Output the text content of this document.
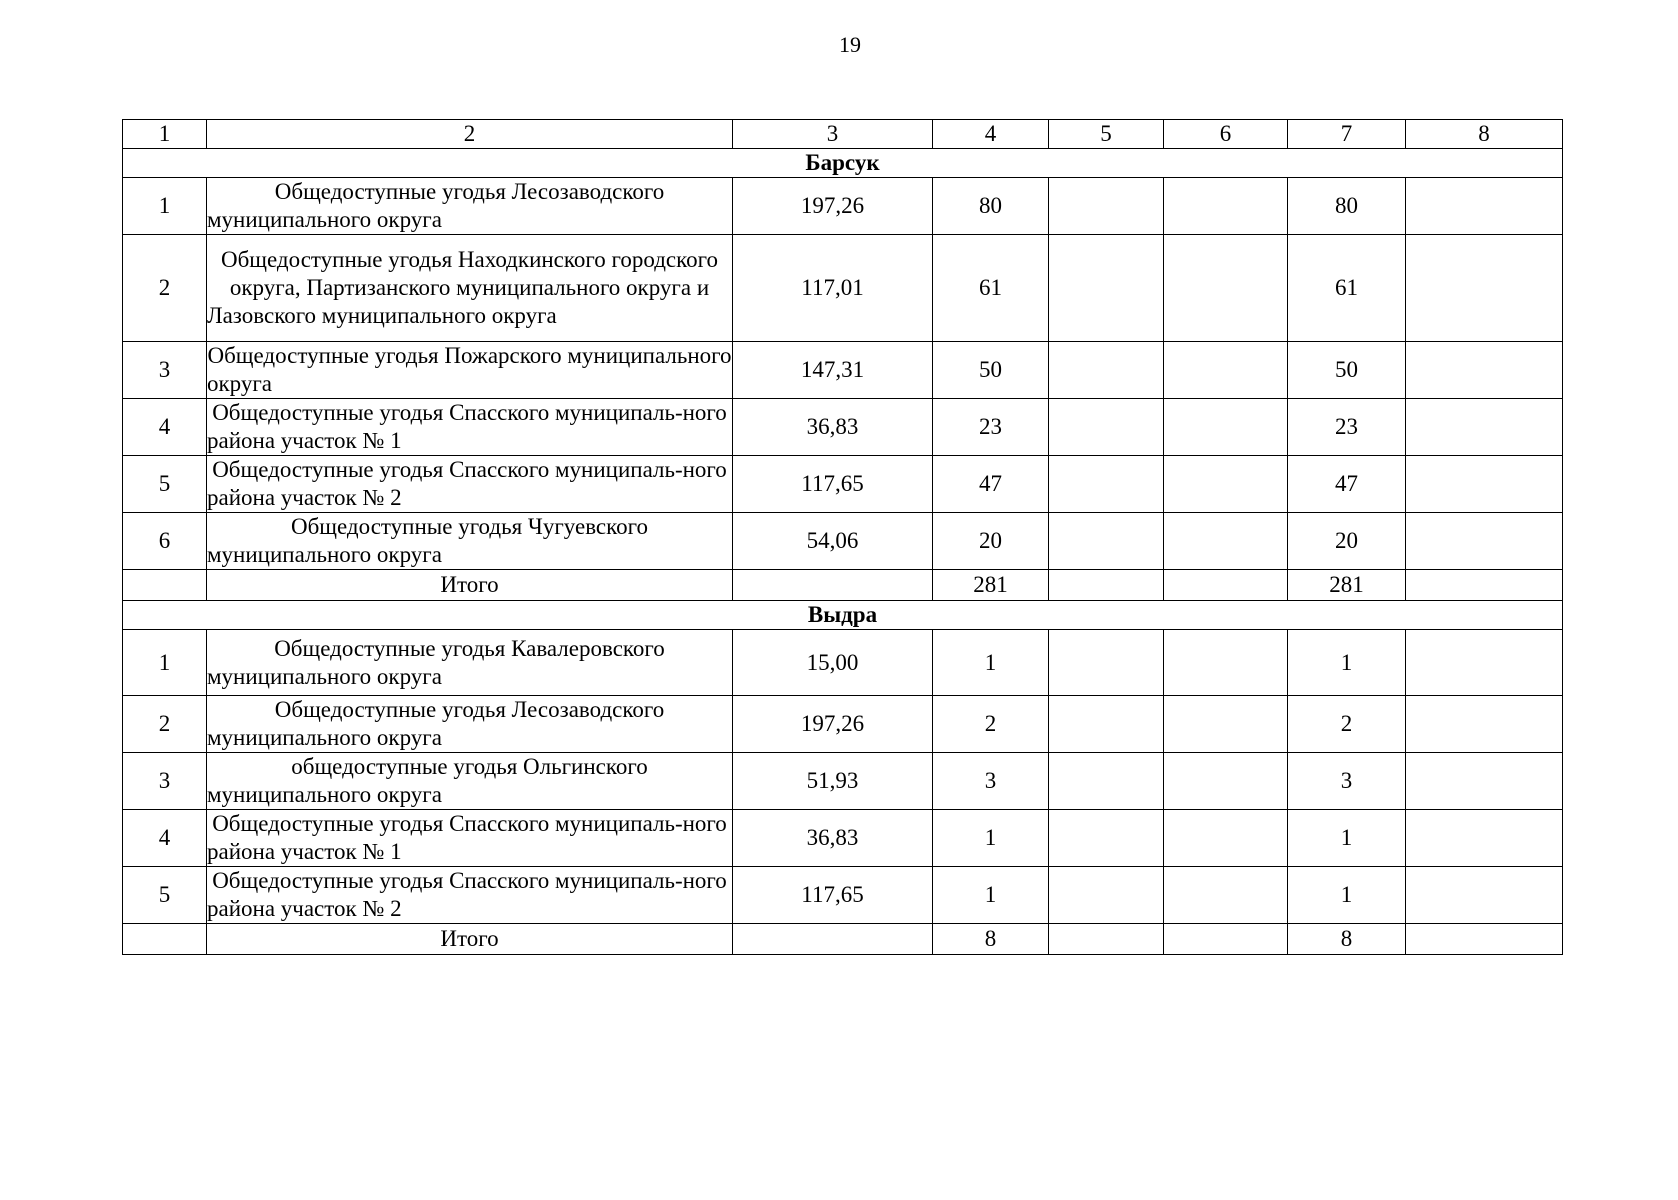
19
1	2	3	4	5	6	7	8
Барсук							
1	Общедоступные угодья Лесозаводского муниципального округа	197,26	80			80	
2	Общедоступные угодья Находкинского городского округа, Партизанского муниципального округа и Лазовского муниципального округа	117,01	61			61	
3	Общедоступные угодья Пожарского муниципального округа	147,31	50			50	
4	Общедоступные угодья Спасского муниципаль-ного района участок № 1	36,83	23			23	
5	Общедоступные угодья Спасского муниципаль-ного района участок № 2	117,65	47			47	
6	Общедоступные угодья Чугуевского муниципального округа	54,06	20			20	
	Итого		281			281	
Выдра							
1	Общедоступные угодья Кавалеровского муниципального округа	15,00	1			1	
2	Общедоступные угодья Лесозаводского муниципального округа	197,26	2			2	
3	общедоступные угодья Ольгинского муниципального округа	51,93	3			3	
4	Общедоступные угодья Спасского муниципаль-ного района участок № 1	36,83	1			1	
5	Общедоступные угодья Спасского муниципаль-ного района участок № 2	117,65	1			1	
	Итого		8			8	
